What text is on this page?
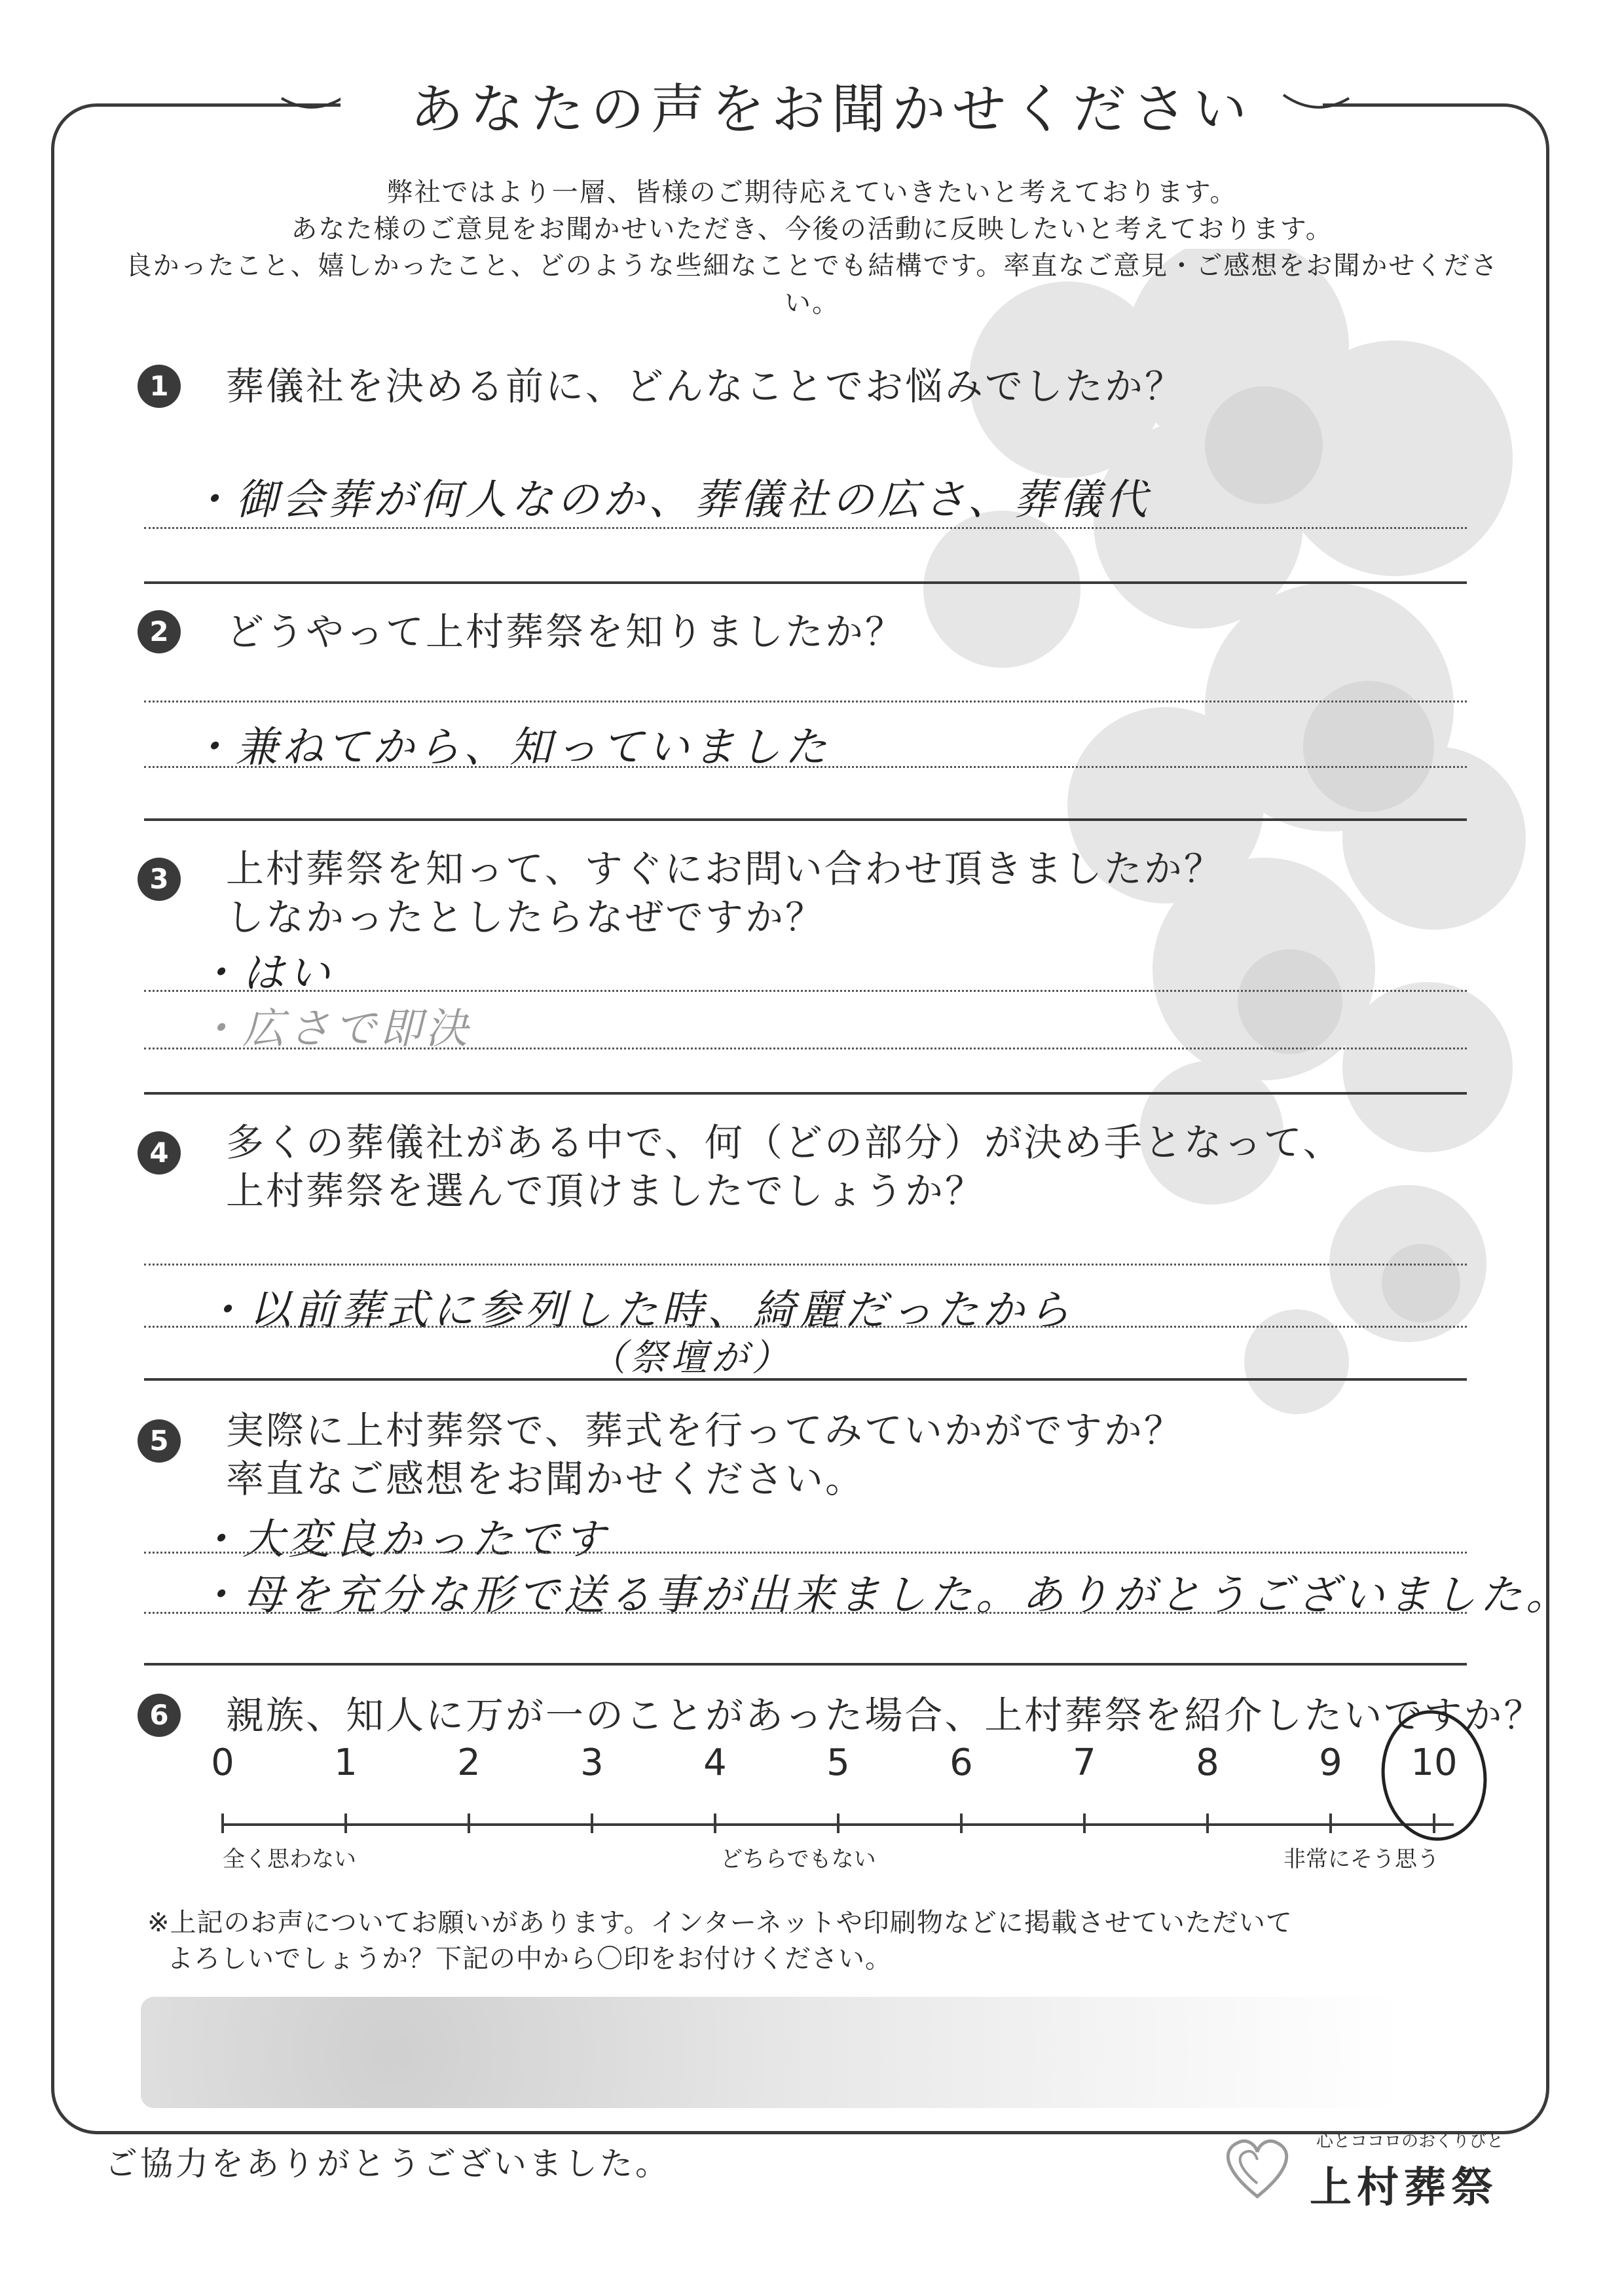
あなたの声をお聞かせください
弊社ではより一層、皆様のご期待応えていきたいと考えております。
あなた様のご意見をお聞かせいただき、今後の活動に反映したいと考えております。
良かったこと、嬉しかったこと、どのような些細なことでも結構です。率直なご意見・ご感想をお聞かせください。
1	葬儀社を決める前に、どんなことでお悩みでしたか？
・御会葬が何人なのか、葬儀社の広さ、葬儀代
2	どうやって上村葬祭を知りましたか？
・兼ねてから、知っていました
3	上村葬祭を知って、すぐにお問い合わせ頂きましたか？
しなかったとしたらなぜですか？
・はい
・広さで即決
4	多くの葬儀社がある中で、何（どの部分）が決め手となって、
上村葬祭を選んで頂けましたでしょうか？
・以前葬式に参列した時、綺麗だったから
（祭壇が）
5	実際に上村葬祭で、葬式を行ってみていかがですか？
率直なご感想をお聞かせください。
・大変良かったです
・母を充分な形で送る事が出来ました。ありがとうございました。
6	親族、知人に万が一のことがあった場合、上村葬祭を紹介したいですか？
0	1	2	3	4	5	6	7	8	9	10
全く思わない	どちらでもない	非常にそう思う
※上記のお声についてお願いがあります。インターネットや印刷物などに掲載させていただいて
よろしいでしょうか？下記の中から〇印をお付けください。
ご協力をありがとうございました。
心とココロのおくりびと
上村葬祭
